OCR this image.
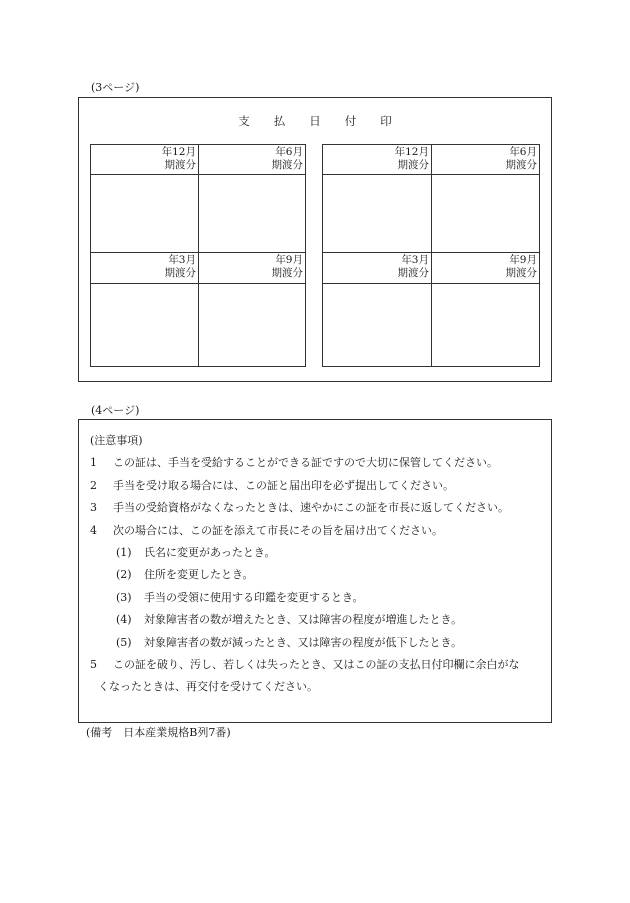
(3ページ)
支 払 日 付 印
年12月
期渡分
年6月
期渡分
年3月
期渡分
年9月
期渡分
年12月
期渡分
年6月
期渡分
年3月
期渡分
年9月
期渡分
(4ページ)

(注意事項)

1 この証は、手当を受給することができる証ですので大切に保管してください。

2 手当を受け取る場合には、この証と届出印を必ず提出してください。

3 手当の受給資格がなくなったときは、速やかにこの証を市長に返してください。

4 次の場合には、この証を添えて市長にその旨を届け出てください。

(1) 氏名に変更があったとき。

(2) 住所を変更したとき。

(3) 手当の受領に使用する印鑑を変更するとき。

(4) 対象障害者の数が増えたとき、又は障害の程度が増進したとき。

(5) 対象障害者の数が減ったとき、又は障害の程度が低下したとき。

5 この証を破り、汚し、若しくは失ったとき、又はこの証の支払日付印欄に余白がな

くなったときは、再交付を受けてください。

(備考　日本産業規格B列7番)
